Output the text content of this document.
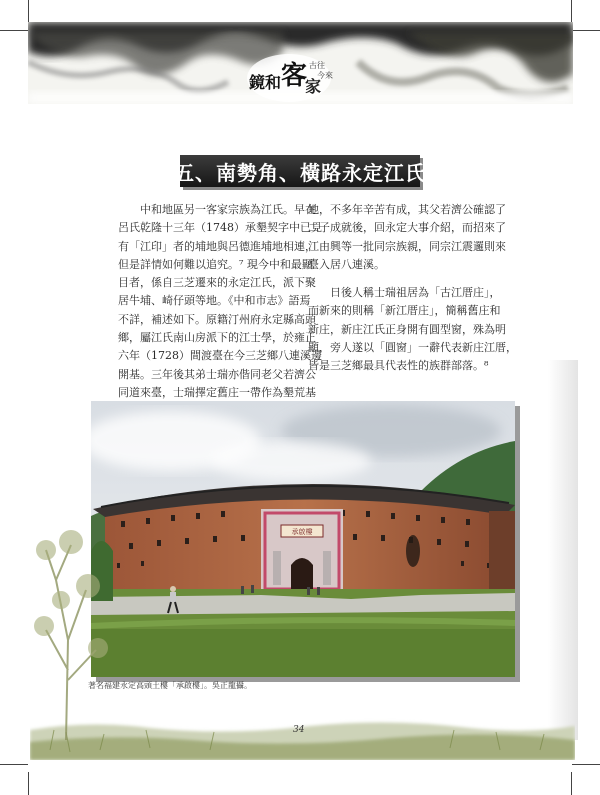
鏡和 客
家
古往
今來
五、南勢角、橫路永定江氏
中和地區另一客家宗族為江氏。早在
呂氏乾隆十三年（1748）承墾契字中已見
有「江印」者的埔地與呂德進埔地相連，
但是詳情如何難以追究。⁷ 現今中和最顯
目者，係自三芝遷來的永定江氏，派下聚
居牛埔、崎仔頭等地。《中和市志》語焉
不詳，補述如下。原籍汀州府永定縣高頭
鄉，屬江氏南山房派下的江士學，於雍正
六年（1728）間渡臺在今三芝鄉八連溪邊
開基。三年後其弟士瑞亦偕同老父若濟公
同道來臺，士瑞擇定舊庄一帶作為墾荒基
地，不多年辛苦有成，其父若濟公確認了
二子成就後，回永定大事介紹，而招來了
江由興等一批同宗族親，同宗江震邏則來
臺入居八連溪。
日後人稱士瑞祖居為「古江厝庄」，
而新來的則稱「新江厝庄」，簡稱舊庄和
新庄，新庄江氏正身開有圓型窗，殊為明
顯，旁人遂以「圓窗」一辭代表新庄江厝，
皆是三芝鄉最具代表性的族群部落。⁸
承啟樓
著名福建永定高頭土樓「承啟樓」。吳正龍攝。
34
